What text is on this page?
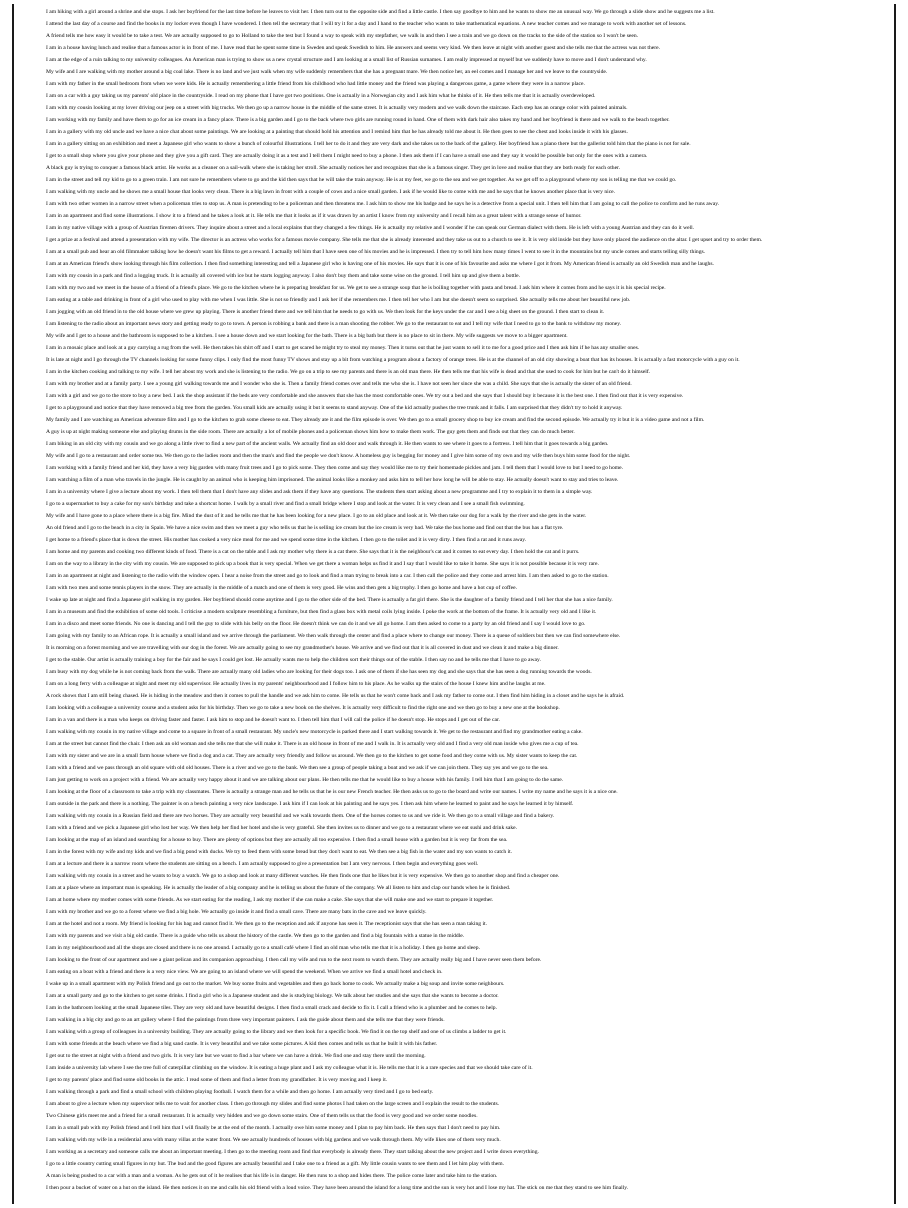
I am hiking with a girl around a shrine and she stops. I ask her boyfriend for the last time before he leaves to visit her. I then turn out to the opposite side and find a little castle. I then say goodbye to him and he wants to show me an unusual way. We go through a slide show and he suggests me a list.

I attend the last day of a course and find the books in my locker even though I have wondered. I then tell the secretary that I will try it for a day and I hand to the teacher who wants to take mathematical equations. A new teacher comes and we manage to work with another set of lessons.

A friend tells me how easy it would be to take a test. We are actually supposed to go to Holland to take the test but I found a way to speak with my stepfather, we walk in and then I see a train and we go down on the tracks to the side of the station so I won't be seen.

I am in a house having lunch and realise that a famous actor is in front of me. I have read that he spent some time in Sweden and speak Swedish to him. He answers and seems very kind. We then leave at night with another guest and she tells me that the actress was not there.

I am at the edge of a ruin talking to my university colleagues. An American man is trying to show us a new crystal structure and I am looking at a small list of Russian surnames. I am really impressed at myself but we suddenly have to move and I don't understand why.

My wife and I are walking with my mother around a big coal lake. There is no land and we just walk when my wife suddenly remembers that she has a pregnant mare. We then notice her, an eel comes and I manage her and we leave to the countryside.

I am with my father in the small bedroom from when we were kids. He is actually remembering a little friend from his childhood who had little money and the friend was playing a dangerous game, a game where they were in a narrow place.

I am on a car with a guy taking us my parents' old place in the countryside. I read on my phone that I have got two positions. One is actually in a Norwegian city and I ask him what he thinks of it. He then tells me that it is actually overdeveloped.

I am with my cousin looking at my lover driving our jeep on a street with big trucks. We then go up a narrow house in the middle of the same street. It is actually very modern and we walk down the staircase. Each step has an orange color with painted animals.

I am working with my family and have them to go for an ice cream in a fancy place. There is a big garden and I go to the back where two girls are running round in hand. One of them with dark hair also takes my hand and her boyfriend is there and we walk to the beach together.

I am in a gallery with my old uncle and we have a nice chat about some paintings. We are looking at a painting that should hold his attention and I remind him that he has already told me about it. He then goes to see the chest and looks inside it with his glasses.

I am in a gallery sitting on an exhibition and meet a Japanese girl who wants to show a bunch of colourful illustrations. I tell her to do it and they are very dark and she takes us to the back of the gallery. Her boyfriend has a piano there but the gallerist told him that the piano is not for sale.

I get to a small shop where you give your phone and they give you a gift card. They are actually doing it as a test and I tell them I might need to buy a phone. I then ask them if I can have a small one and they say it would be possible but only for the ones with a camera.

A black guy is trying to conquer a famous black artist. He works as a cleaner on a sail-walk where she is taking her stroll. She actually notices her and recognizes that she is a famous singer. They get in love and realise that they are both ready for each other.

I am in the street and tell my kid to go to a green train. I am not sure he remembers where to go and the kid then says that he will take the train anyway. He is at my feet, we go to the sea and we get together. As we get off to a playground where my son is telling me that we could go.

I am walking with my uncle and he shows me a small house that looks very clean. There is a big lawn in front with a couple of cows and a nice small garden. I ask if he would like to come with me and he says that he knows another place that is very nice.

I am with two other women in a narrow street when a policeman tries to stop us. A man is pretending to be a policeman and then threatens me. I ask him to show me his badge and he says he is a detective from a special unit. I then tell him that I am going to call the police to confirm and he runs away.

I am in an apartment and find some illustrations. I show it to a friend and he takes a look at it. He tells me that it looks as if it was drawn by an artist I know from my university and I recall him as a great talent with a strange sense of humor.

I am in my native village with a group of Austrian firemen drivers. They inquire about a street and a local explains that they changed a few things. He is actually my relative and I wonder if he can speak our German dialect with them. He is left with a young Austrian and they can do it well.

I get a prize at a festival and attend a presentation with my wife. The director is an actress who works for a famous movie company. She tells me that she is already interested and they take us out to a church to see it. It is very old inside but they have only placed the audience on the altar. I get upset and try to order them.

I am at a small pub and hear an old filmmaker talking how he doesn't want his films to get a reward. I actually tell him that I have seen one of his movies and he is impressed. I then try to tell him how many times I went to see it in the mountains but my uncle comes and starts telling silly things.

I am at an American friend's show looking through his film collection. I then find something interesting and tell a Japanese girl who is having one of his movies. He says that it is one of his favourite and asks me where I got it from. My American friend is actually an old Swedish man and he laughs.

I am with my cousin in a park and find a logging truck. It is actually all covered with ice but he starts logging anyway. I also don't buy them and take some wine on the ground. I tell him up and give them a bottle.

I am with my two and we meet in the house of a friend of a friend's place. We go to the kitchen where he is preparing breakfast for us. We get to see a strange soup that he is boiling together with pasta and bread. I ask him where it comes from and he says it is his special recipe.

I am eating at a table and drinking in front of a girl who used to play with me when I was little. She is not so friendly and I ask her if she remembers me. I then tell her who I am but she doesn't seem so surprised. She actually tells me about her beautiful new job.

I am jogging with an old friend in to the old house where we grew up playing. There is another friend there and we tell him that he needs to go with us. We then look for the keys under the car and I see a big sheet on the ground. I then start to clean it.

I am listening to the radio about an important news story and getting ready to go to town. A person is robbing a bank and there is a man shooting the robber. We go to the restaurant to eat and I tell my wife that I need to go to the bank to withdraw my money.

My wife and I get to a house and the bathroom is supposed to be a kitchen. I see a house down and we start looking for the bath. There is a big bath but there is no place to sit in there. My wife suggests we move to a bigger apartment.

I am in a mosaic place and look at a guy carrying a rug from the well. He then takes his shirt off and I start to get scared he might try to steal my money. Then it turns out that he just wants to sell it to me for a good price and I then ask him if he has any smaller ones.

It is late at night and I go through the TV channels looking for some funny clips. I only find the most funny TV shows and stay up a bit from watching a program about a factory of orange trees. He is at the channel of an old city showing a boat that has its houses. It is actually a fast motorcycle with a guy on it.

I am in the kitchen cooking and talking to my wife. I tell her about my work and she is listening to the radio. We go on a trip to see my parents and there is an old man there. He then tells me that his wife is dead and that she used to cook for him but he can't do it himself.

I am with my brother and at a family party. I see a young girl walking towards me and I wonder who she is. Then a family friend comes over and tells me who she is. I have not seen her since she was a child. She says that she is actually the sister of an old friend.

I am with a girl and we go to the store to buy a new bed. I ask the shop assistant if the beds are very comfortable and she answers that she has the most comfortable ones. We try out a bed and she says that I should buy it because it is the best one. I then find out that it is very expensive.

I get to a playground and notice that they have removed a big tree from the garden. You small kids are actually using it but it seems to stand anyway. One of the kid actually pushes the tree trunk and it falls. I am surprised that they didn't try to hold it anyway.

My family and I are watching an American adventure film and I go to the kitchen to grab some cheese to eat. They already ate it and the film episode is over. We then go to a small grocery shop to buy ice cream and find the second episode. We actually try it but it is a video game and not a film.

A guy is up at night making someone else and playing drums in the side room. There are actually a lot of mobile phones and a policeman shows him how to make them work. The guy gets them and finds out that they can do much better.

I am biking in an old city with my cousin and we go along a little river to find a new part of the ancient walls. We actually find an old door and walk through it. He then wants to see where it goes to a fortress. I tell him that it goes towards a big garden.

My wife and I go to a restaurant and order some tea. We then go to the ladies room and then the man's and find the people we don't know. A homeless guy is begging for money and I give him some of my own and my wife then buys him some food for the night.

I am working with a family friend and her kid, they have a very big garden with many fruit trees and I go to pick some. They then come and say they would like me to try their homemade pickles and jam. I tell them that I would love to but I need to go home.

I am watching a film of a man who travels in the jungle. He is caught by an animal who is keeping him imprisoned. The animal looks like a monkey and asks him to tell her how long he will be able to stay. He actually doesn't want to stay and tries to leave.

I am in a university where I give a lecture about my work. I then tell them that I don't have any slides and ask them if they have any questions. The students then start asking about a new programme and I try to explain it to them in a simple way.

I go to a supermarket to buy a cake for my son's birthday and take a shortcut home. I walk by a small river and find a small bridge where I stop and look at the water. It is very clean and I see a small fish swimming.

My wife and I have gone to a place where there is a big fire. Mind the dust of it and he tells me that he has been looking for a new place. I go to an old place and look at it. We then take our dog for a walk by the river and she gets in the water.

An old friend and I go to the beach in a city in Spain. We have a nice swim and then we meet a guy who tells us that he is selling ice cream but the ice cream is very bad. We take the bus home and find out that the bus has a flat tyre.

I get home to a friend's place that is down the street. His mother has cooked a very nice meal for me and we spend some time in the kitchen. I then go to the toilet and it is very dirty. I then find a rat and it runs away.

I am home and my parents and cooking two different kinds of food. There is a cat on the table and I ask my mother why there is a cat there. She says that it is the neighbour's cat and it comes to eat every day. I then hold the cat and it purrs.

I am on the way to a library in the city with my cousin. We are supposed to pick up a book that is very special. When we get there a woman helps us find it and I say that I would like to take it home. She says it is not possible because it is very rare.

I am in an apartment at night and listening to the radio with the window open. I hear a noise from the street and go to look and find a man trying to break into a car. I then call the police and they come and arrest him. I am then asked to go to the station.

I am with two men and some tennis players in the snow. They are actually in the middle of a match and one of them is very good. He wins and then gets a big trophy. I then go home and have a hot cup of coffee.

I wake up late at night and find a Japanese girl walking in my garden. Her boyfriend should come anytime and I go to the other side of the bed. There is actually a fat girl there. She is the daughter of a family friend and I tell her that she has a nice family.

I am in a museum and find the exhibition of some old tools. I criticise a modern sculpture resembling a furniture, but then find a glass box with metal coils lying inside. I poke the work at the bottom of the frame. It is actually very old and I like it.

I am in a disco and meet some friends. No one is dancing and I tell the guy to slide with his belly on the floor. He doesn't think we can do it and we all go home. I am then asked to come to a party by an old friend and I say I would love to go.

I am going with my family to an African rope. It is actually a small island and we arrive through the parliament. We then walk through the center and find a place where to change our money. There is a queue of soldiers but then we can find somewhere else.

It is morning on a forest morning and we are travelling with our dog in the forest. We are actually going to see my grandmother's house. We arrive and we find out that it is all covered in dust and we clean it and make a big dinner.

I get to the stable. Our artist is actually training a boy for the fair and he says I could get lost. He actually wants me to help the children sort their things out of the stable. I then say no and he tells me that I have to go away.

I am busy with my dog while he is not coming back from the walk. There are actually many old ladies who are looking for their dogs too. I ask one of them if she has seen my dog and she says that she has seen a dog running towards the woods.

I am on a long ferry with a colleague at night and meet my old supervisor. He actually lives in my parents' neighbourhood and I follow him to his place. As he walks up the stairs of the house I knew him and he laughs at me.

A rock shows that I am still being chased. He is hiding in the meadow and then it comes to pull the handle and we ask him to come. He tells us that he won't come back and I ask my father to come out. I then find him hiding in a closet and he says he is afraid.

I am looking with a colleague a university course and a student asks for his birthday. Then we go to take a new book on the shelves. It is actually very difficult to find the right one and we then go to buy a new one at the bookshop.

I am in a van and there is a man who keeps on driving faster and faster. I ask him to stop and he doesn't want to. I then tell him that I will call the police if he doesn't stop. He stops and I get out of the car.

I am walking with my cousin in my native village and come to a square in front of a small restaurant. My uncle's new motorcycle is parked there and I start walking towards it. We get to the restaurant and find my grandmother eating a cake.

I am at the street but cannot find the chair. I then ask an old woman and she tells me that she will make it. There is an old house in front of me and I walk in. It is actually very old and I find a very old man inside who gives me a cup of tea.

I am with my sister and we are in a small farm house where we find a dog and a cat. They are actually very friendly and follow us around. We then go to the kitchen to get some food and they come with us. My sister wants to keep the cat.

I am with a friend and we pass through an old square with old old houses. There is a river and we go to the bank. We then see a group of people taking a boat and we ask if we can join them. They say yes and we go to the sea.

I am just getting to work on a project with a friend. We are actually very happy about it and we are talking about our plans. He then tells me that he would like to buy a house with his family. I tell him that I am going to do the same.

I am looking at the floor of a classroom to take a trip with my classmates. There is actually a strange man and he tells us that he is our new French teacher. He then asks us to go to the board and write our names. I write my name and he says it is a nice one.

I am outside in the park and there is a nothing. The painter is on a bench painting a very nice landscape. I ask him if I can look at his painting and he says yes. I then ask him where he learned to paint and he says he learned it by himself.

I am walking with my cousin in a Russian field and there are two horses. They are actually very beautiful and we walk towards them. One of the horses comes to us and we ride it. We then go to a small village and find a bakery.

I am with a friend and we pick a Japanese girl who lost her way. We then help her find her hotel and she is very grateful. She then invites us to dinner and we go to a restaurant where we eat sushi and drink sake.

I am looking at the map of an island and searching for a house to buy. There are plenty of options but they are actually all too expensive. I then find a small house with a garden but it is very far from the sea.

I am in the forest with my wife and my kids and we find a big pond with ducks. We try to feed them with some bread but they don't want to eat. We then see a big fish in the water and my son wants to catch it.

I am at a lecture and there is a narrow room where the students are sitting on a bench. I am actually supposed to give a presentation but I am very nervous. I then begin and everything goes well.

I am walking with my cousin in a street and he wants to buy a watch. We go to a shop and look at many different watches. He then finds one that he likes but it is very expensive. We then go to another shop and find a cheaper one.

I am at a place where an important man is speaking. He is actually the leader of a big company and he is telling us about the future of the company. We all listen to him and clap our hands when he is finished.

I am at home where my mother comes with some friends. As we start eating for the reading, I ask my mother if she can make a cake. She says that she will make one and we start to prepare it together.

I am with my brother and we go to a forest where we find a big hole. We actually go inside it and find a small cave. There are many bats in the cave and we leave quickly.

I am at the hotel and not a room. My friend is looking for his bag and cannot find it. We then go to the reception and ask if anyone has seen it. The receptionist says that she has seen a man taking it.

I am with my parents and we visit a big old castle. There is a guide who tells us about the history of the castle. We then go to the garden and find a big fountain with a statue in the middle.

I am in my neighbourhood and all the shops are closed and there is no one around. I actually go to a small café where I find an old man who tells me that it is a holiday. I then go home and sleep.

I am looking to the front of our apartment and see a giant pelican and its companion approaching. I then call my wife and run to the next room to watch them. They are actually really big and I have never seen them before.

I am eating on a boat with a friend and there is a very nice view. We are going to an island where we will spend the weekend. When we arrive we find a small hotel and check in.

I wake up in a small apartment with my Polish friend and go out to the market. We buy some fruits and vegetables and then go back home to cook. We actually make a big soup and invite some neighbours.

I am at a small party and go to the kitchen to get some drinks. I find a girl who is a Japanese student and she is studying biology. We talk about her studies and she says that she wants to become a doctor.

I am in the bathroom looking at the small Japanese tiles. They are very old and have beautiful designs. I then find a small crack and decide to fix it. I call a friend who is a plumber and he comes to help.

I am walking in a big city and go to an art gallery where I find the paintings from three very important painters. I ask the guide about them and she tells me that they were friends.

I am walking with a group of colleagues in a university building. They are actually going to the library and we then look for a specific book. We find it on the top shelf and one of us climbs a ladder to get it.

I am with some friends at the beach where we find a big sand castle. It is very beautiful and we take some pictures. A kid then comes and tells us that he built it with his father.

I get out to the street at night with a friend and two girls. It is very late but we want to find a bar where we can have a drink. We find one and stay there until the morning.

I am inside a university lab where I see the tree full of caterpillar climbing on the window. It is eating a huge plant and I ask my colleague what it is. He tells me that it is a rare species and that we should take care of it.

I get to my parents' place and find some old books in the attic. I read some of them and find a letter from my grandfather. It is very moving and I keep it.

I am walking through a park and find a small school with children playing football. I watch them for a while and then go home. I am actually very tired and I go to bed early.

I am about to give a lecture when my supervisor tells me to wait for another class. I then go through my slides and find some photos I had taken on the large screen and I explain the result to the students.

Two Chinese girls meet me and a friend for a small restaurant. It is actually very hidden and we go down some stairs. One of them tells us that the food is very good and we order some noodles.

I am in a small pub with my Polish friend and I tell him that I will finally be at the end of the month. I actually owe him some money and I plan to pay him back. He then says that I don't need to pay him.

I am walking with my wife in a residential area with many villas at the water front. We see actually hundreds of houses with big gardens and we walk through them. My wife likes one of them very much.

I am working as a secretary and someone calls me about an important meeting. I then go to the meeting room and find that everybody is already there. They start talking about the new project and I write down everything.

I go to a little country cutting small figures in my hut. The bud and the good figures are actually beautiful and I take one to a friend as a gift. My little cousin wants to see them and I let him play with them.

A man is being pushed to a car with a man and a woman. As he gets out of it he realises that his life is in danger. He then runs to a shop and hides there. The police come later and take him to the station.

I then pour a bucket of water on a hut on the island. He then notices it on me and calls his old friend with a loud voice. They have been around the island for a long time and the sun is very hot and I lose my hat. The stick on me that they stand to see him finally.
